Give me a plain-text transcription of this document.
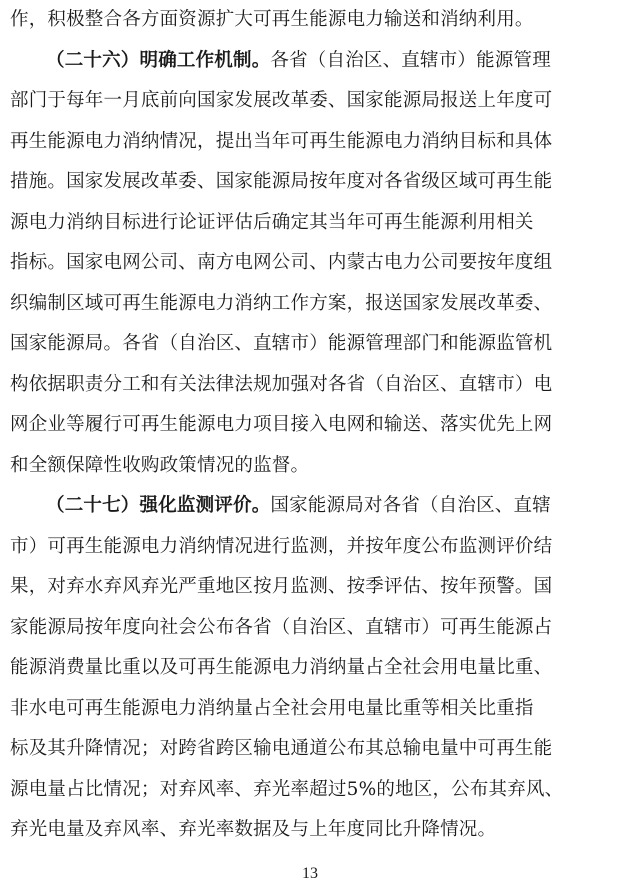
作，积极整合各方面资源扩大可再生能源电力输送和消纳利用。
（二十六）明确工作机制。各省（自治区、直辖市）能源管理
部门于每年一月底前向国家发展改革委、国家能源局报送上年度可
再生能源电力消纳情况，提出当年可再生能源电力消纳目标和具体
措施。国家发展改革委、国家能源局按年度对各省级区域可再生能
源电力消纳目标进行论证评估后确定其当年可再生能源利用相关
指标。国家电网公司、南方电网公司、内蒙古电力公司要按年度组
织编制区域可再生能源电力消纳工作方案，报送国家发展改革委、
国家能源局。各省（自治区、直辖市）能源管理部门和能源监管机
构依据职责分工和有关法律法规加强对各省（自治区、直辖市）电
网企业等履行可再生能源电力项目接入电网和输送、落实优先上网
和全额保障性收购政策情况的监督。
（二十七）强化监测评价。国家能源局对各省（自治区、直辖
市）可再生能源电力消纳情况进行监测，并按年度公布监测评价结
果，对弃水弃风弃光严重地区按月监测、按季评估、按年预警。国
家能源局按年度向社会公布各省（自治区、直辖市）可再生能源占
能源消费量比重以及可再生能源电力消纳量占全社会用电量比重、
非水电可再生能源电力消纳量占全社会用电量比重等相关比重指
标及其升降情况；对跨省跨区输电通道公布其总输电量中可再生能
源电量占比情况；对弃风率、弃光率超过5%的地区，公布其弃风、
弃光电量及弃风率、弃光率数据及与上年度同比升降情况。
13
